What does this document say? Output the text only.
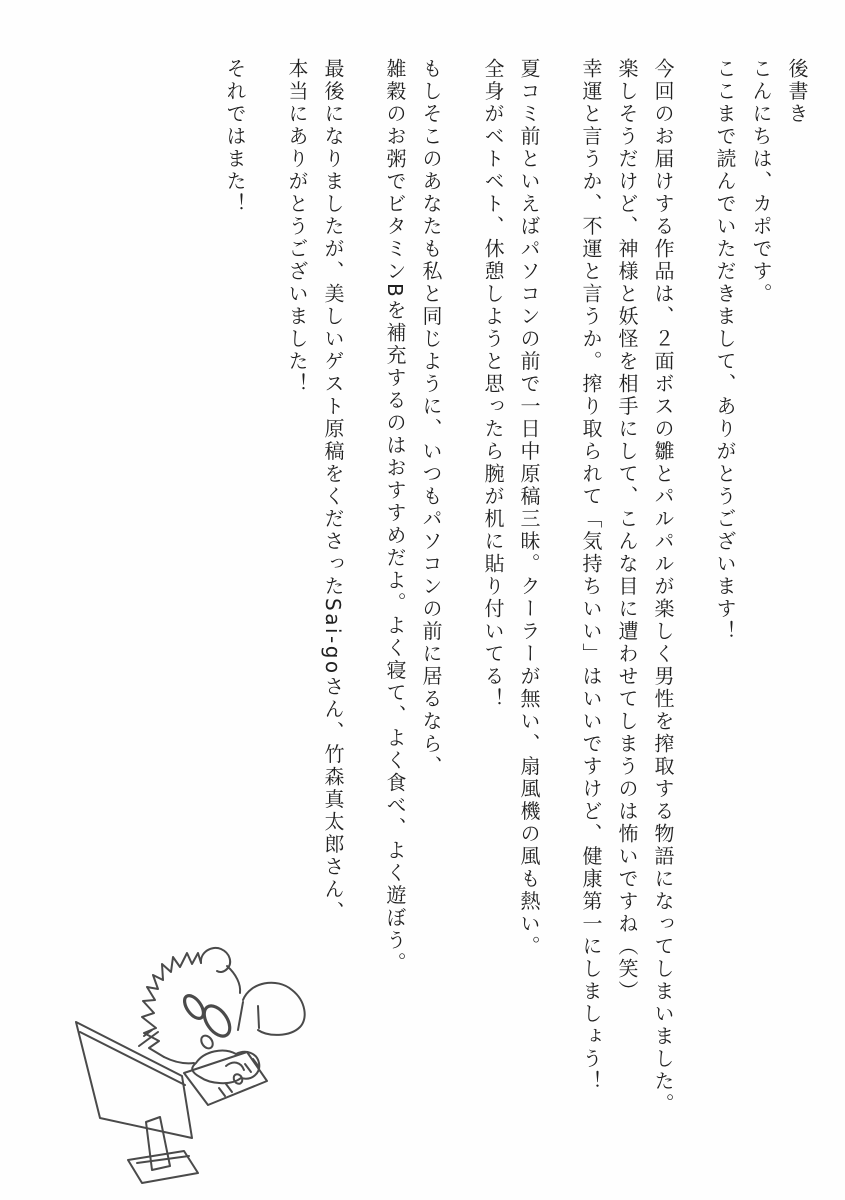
後書き

こんにちは、カポです。

ここまで読んでいただきまして、ありがとうございます！

今回のお届けする作品は、２面ボスの雛とパルパルが楽しく男性を搾取する物語になってしまいました。

楽しそうだけど、神様と妖怪を相手にして、こんな目に遭わせてしまうのは怖いですね（笑）

幸運と言うか、不運と言うか。搾り取られて「気持ちいい」はいいですけど、健康第一にしましょう！

夏コミ前といえばパソコンの前で一日中原稿三昧。クーラーが無い、扇風機の風も熱い。

全身がベトベト、休憩しようと思ったら腕が机に貼り付いてる！

もしそこのあなたも私と同じように、いつもパソコンの前に居るなら、

雑穀のお粥でビタミンBを補充するのはおすすめだよ。よく寝て、よく食べ、よく遊ぼう。

最後になりましたが、美しいゲスト原稿をくださったSai-goさん、竹森真太郎さん、

本当にありがとうございました！

それではまた！
